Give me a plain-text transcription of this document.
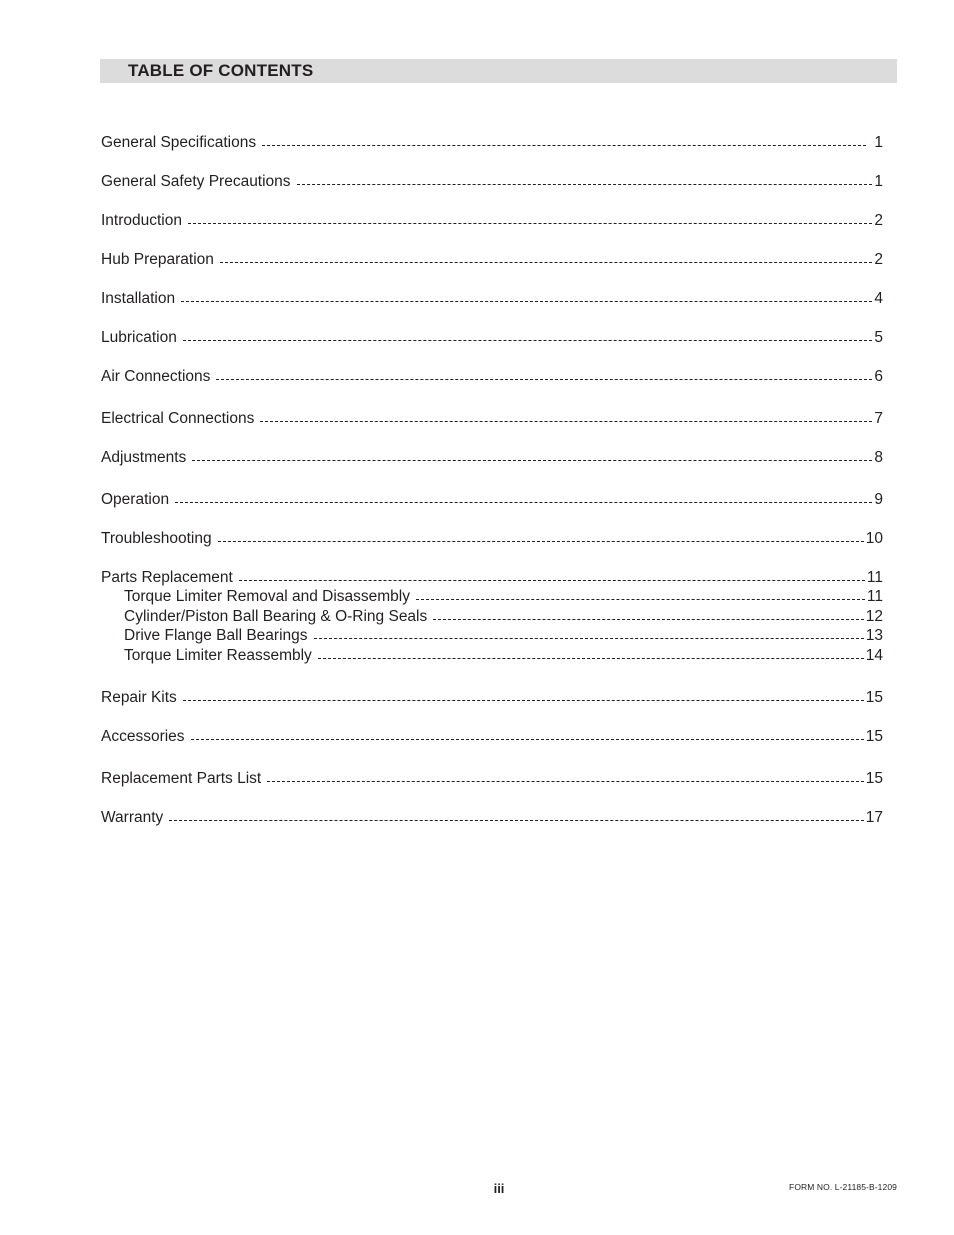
TABLE OF CONTENTS
General Specifications	1
General Safety Precautions	1
Introduction	2
Hub Preparation	2
Installation	4
Lubrication	5
Air Connections	6
Electrical Connections	7
Adjustments	8
Operation	9
Troubleshooting	10
Parts Replacement	11
Torque Limiter Removal and Disassembly	11
Cylinder/Piston Ball Bearing & O-Ring Seals	12
Drive Flange Ball Bearings	13
Torque Limiter Reassembly	14
Repair Kits	15
Accessories	15
Replacement Parts List	15
Warranty	17
iii	FORM NO. L-21185-B-1209
